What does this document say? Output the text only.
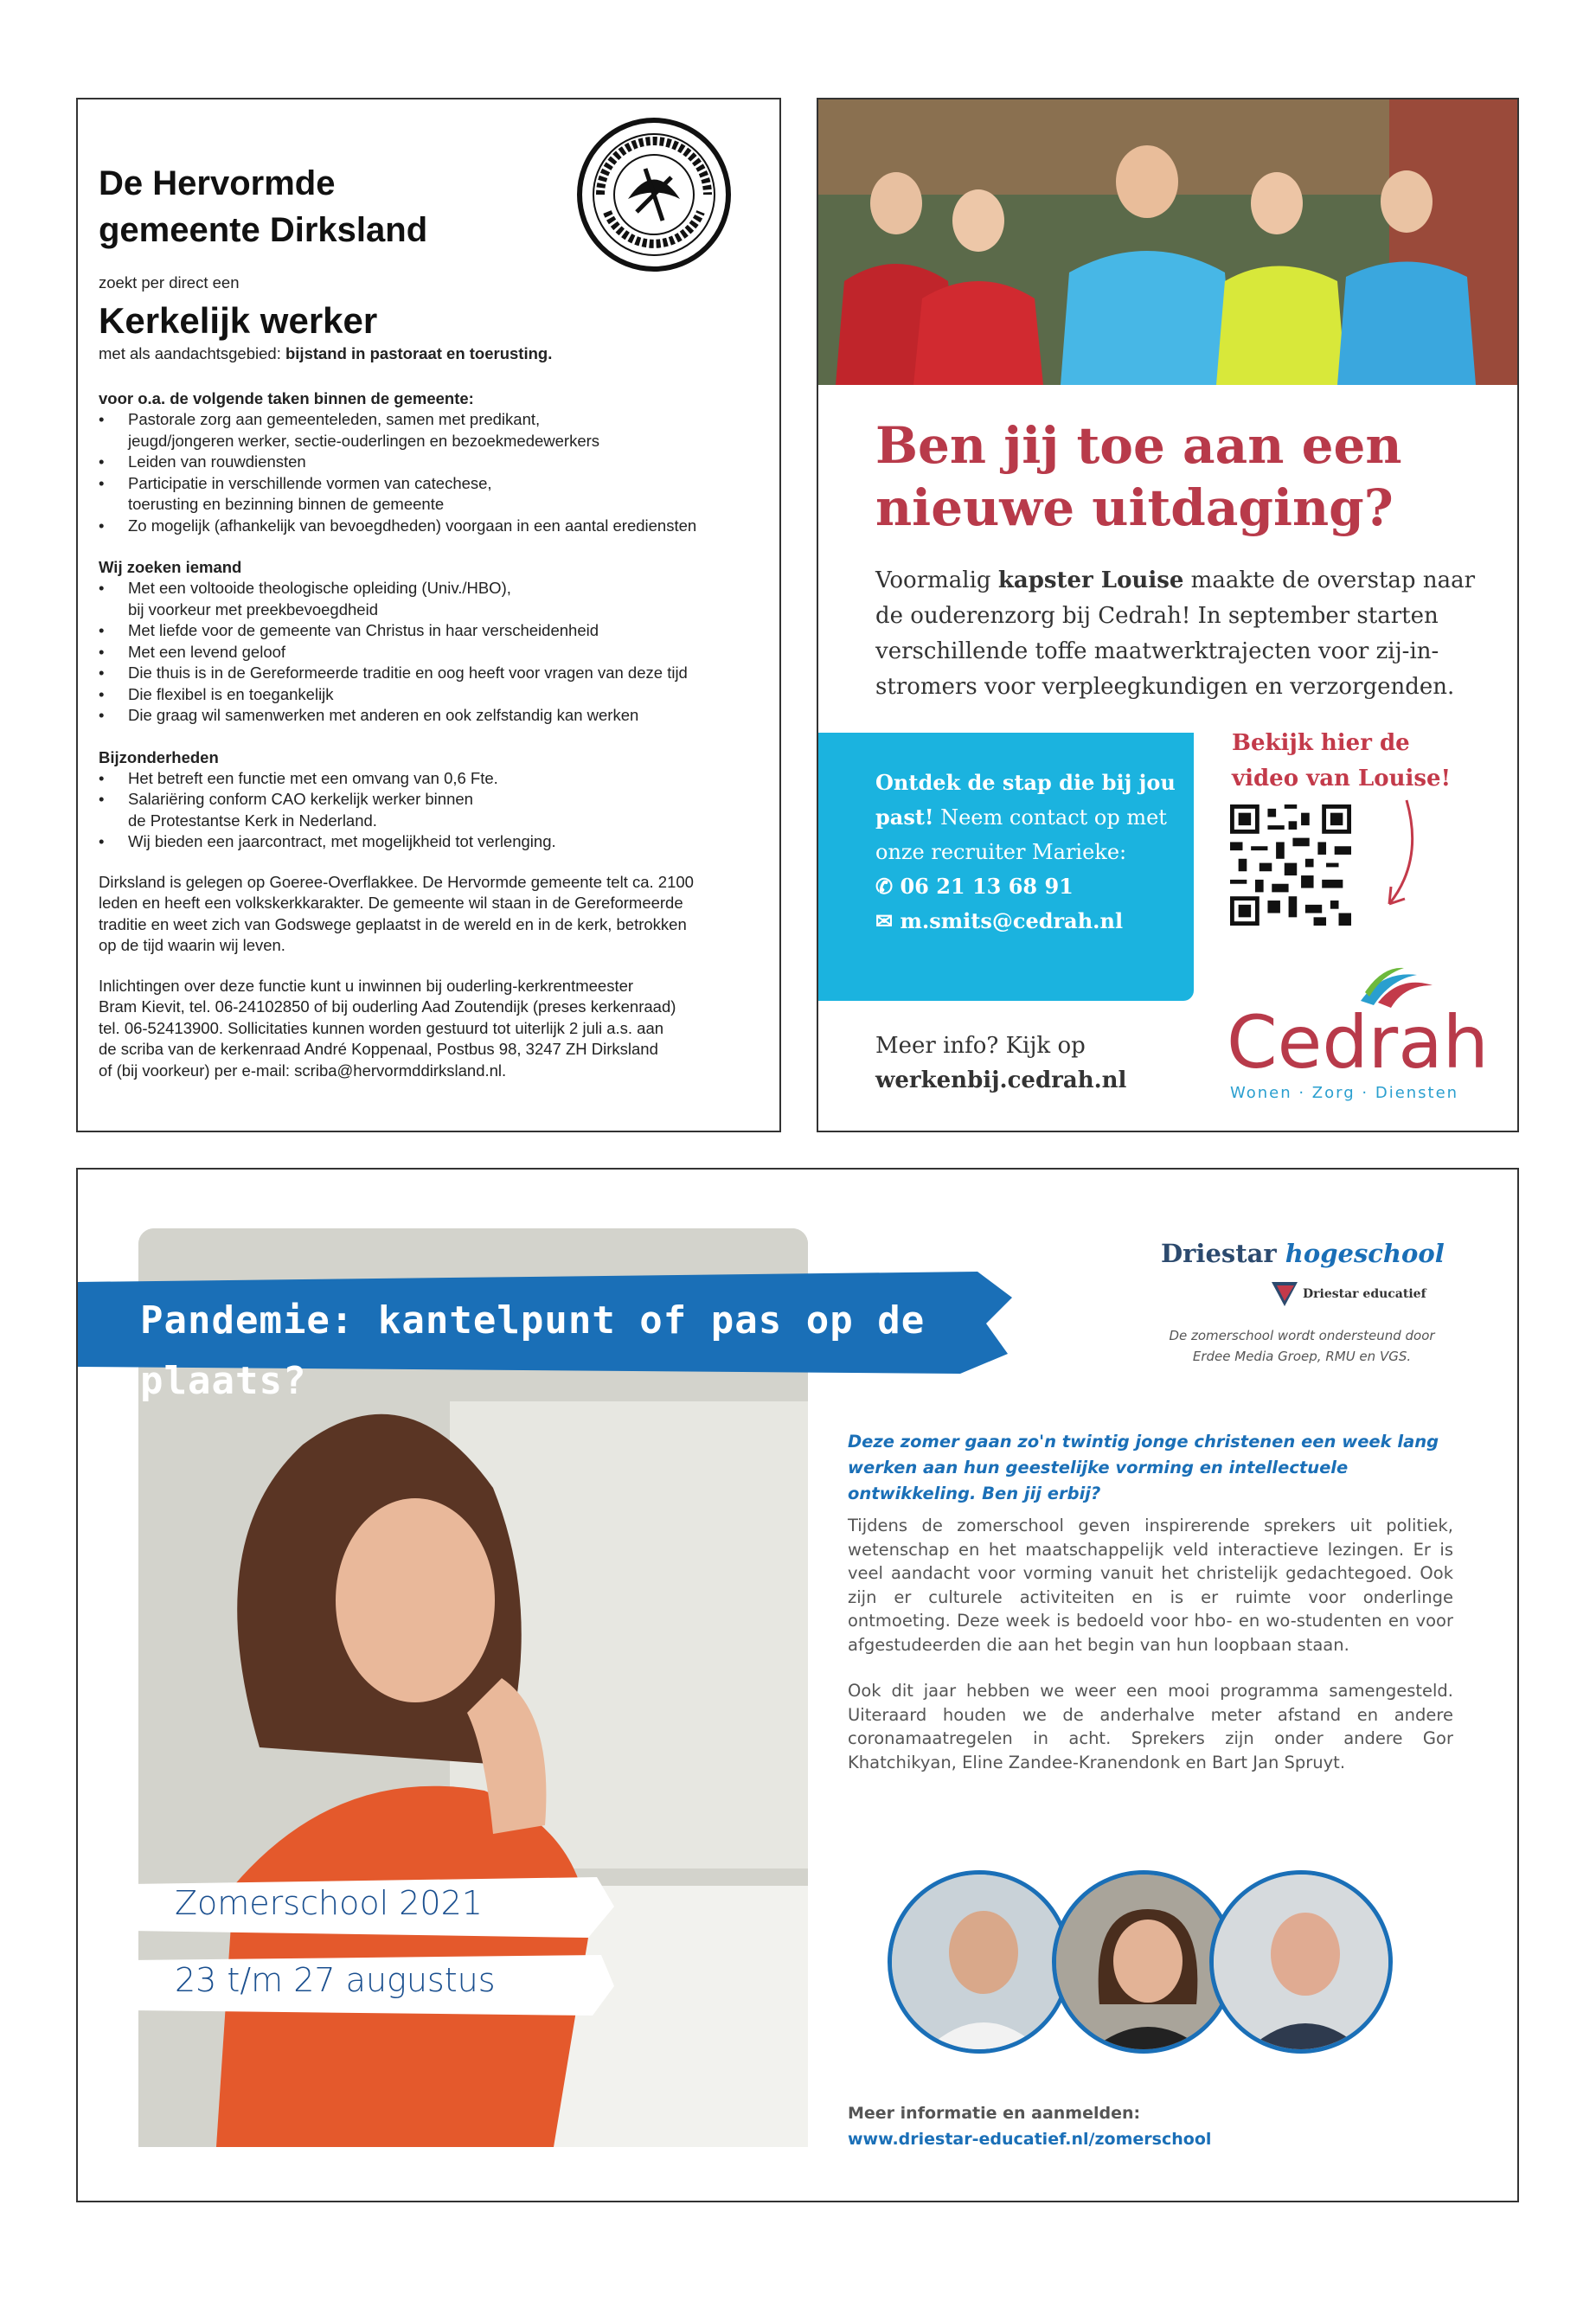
De Hervormde
gemeente Dirksland
zoekt per direct een
Kerkelijk werker
met als aandachtsgebied: bijstand in pastoraat en toerusting.
voor o.a. de volgende taken binnen de gemeente:
• Pastorale zorg aan gemeenteleden, samen met predikant,
jeugd/jongeren werker, sectie-ouderlingen en bezoekmedewerkers
• Leiden van rouwdiensten
• Participatie in verschillende vormen van catechese,
toerusting en bezinning binnen de gemeente
• Zo mogelijk (afhankelijk van bevoegdheden) voorgaan in een aantal erediensten
Wij zoeken iemand
• Met een voltooide theologische opleiding (Univ./HBO),
bij voorkeur met preekbevoegdheid
• Met liefde voor de gemeente van Christus in haar verscheidenheid
• Met een levend geloof
• Die thuis is in de Gereformeerde traditie en oog heeft voor vragen van deze tijd
• Die flexibel is en toegankelijk
• Die graag wil samenwerken met anderen en ook zelfstandig kan werken
Bijzonderheden
• Het betreft een functie met een omvang van 0,6 Fte.
• Salariëring conform CAO kerkelijk werker binnen
de Protestantse Kerk in Nederland.
• Wij bieden een jaarcontract, met mogelijkheid tot verlenging.
Dirksland is gelegen op Goeree-Overflakkee. De Hervormde gemeente telt ca. 2100
leden en heeft een volkskerkkarakter. De gemeente wil staan in de Gereformeerde
traditie en weet zich van Godswege geplaatst in de wereld en in de kerk, betrokken
op de tijd waarin wij leven.
Inlichtingen over deze functie kunt u inwinnen bij ouderling-kerkrentmeester
Bram Kievit, tel. 06-24102850 of bij ouderling Aad Zoutendijk (preses kerkenraad)
tel. 06-52413900. Sollicitaties kunnen worden gestuurd tot uiterlijk 2 juli a.s. aan
de scriba van de kerkenraad André Koppenaal, Postbus 98, 3247 ZH Dirksland
of (bij voorkeur) per e-mail: scriba@hervormddirksland.nl.
Ben jij toe aan een
nieuwe uitdaging?
Voormalig kapster Louise maakte de overstap naar de ouderenzorg bij Cedrah! In september starten verschillende toffe maatwerktrajecten voor zij-in-stromers voor verpleegkundigen en verzorgenden.
Ontdek de stap die bij jou past! Neem contact op met onze recruiter Marieke:
✆ 06 21 13 68 91
✉ m.smits@cedrah.nl
Bekijk hier de
video van Louise!
Meer info? Kijk op
werkenbij.cedrah.nl	Cedrah
Wonen · Zorg · Diensten
Pandemie: kantelpunt of pas op de plaats?
Zomerschool 2021
23 t/m 27 augustus
Driestar hogeschool
Driestar educatief
De zomerschool wordt ondersteund door
Erdee Media Groep, RMU en VGS.
Deze zomer gaan zo'n twintig jonge christenen een week lang werken aan hun geestelijke vorming en intellectuele ontwikkeling. Ben jij erbij?
Tijdens de zomerschool geven inspirerende sprekers uit politiek, wetenschap en het maatschappelijk veld interactieve lezingen. Er is veel aandacht voor vorming vanuit het christelijk gedachtegoed. Ook zijn er culturele activiteiten en is er ruimte voor onderlinge ontmoeting. Deze week is bedoeld voor hbo- en wo-studenten en voor afgestudeerden die aan het begin van hun loopbaan staan.
Ook dit jaar hebben we weer een mooi programma samengesteld. Uiteraard houden we de anderhalve meter afstand en andere coronamaatregelen in acht. Sprekers zijn onder andere Gor Khatchikyan, Eline Zandee-Kranendonk en Bart Jan Spruyt.
Meer informatie en aanmelden:
www.driestar-educatief.nl/zomerschool
